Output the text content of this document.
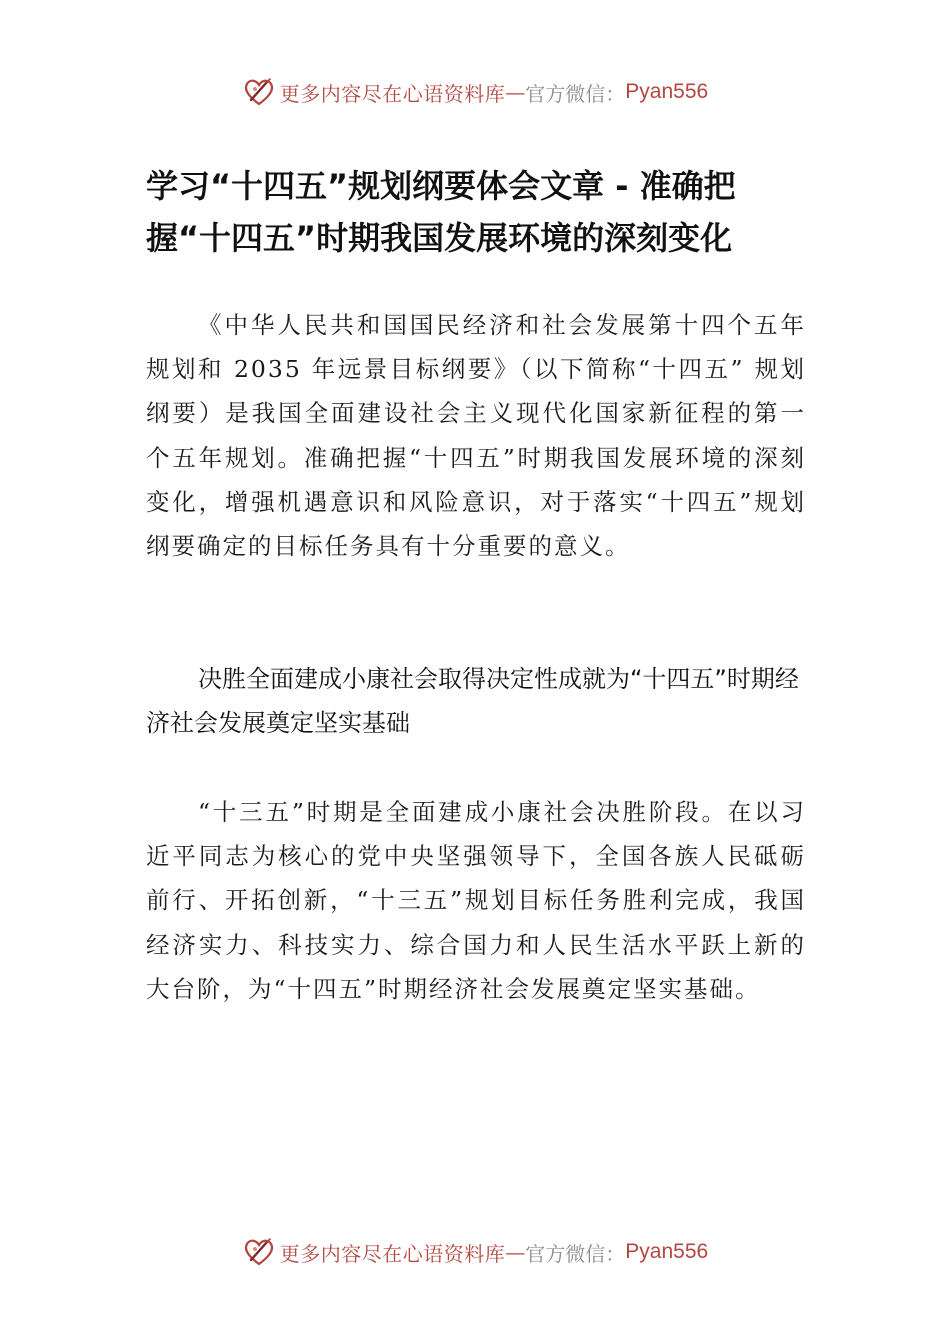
更多内容尽在心语资料库 — 官方微信： Pyan556
学习“十四五”规划纲要体会文章 - 准确把握“十四五”时期我国发展环境的深刻变化

《中华人民共和国国民经济和社会发展第十四个五年规划和 2035 年远景目标纲要》（以下简称“十四五” 规划纲要）是我国全面建设社会主义现代化国家新征程的第一个五年规划。准确把握“十四五”时期我国发展环境的深刻变化，增强机遇意识和风险意识，对于落实“十四五”规划纲要确定的目标任务具有十分重要的意义。

决胜全面建成小康社会取得决定性成就为“十四五”时期经济社会发展奠定坚实基础

“十三五”时期是全面建成小康社会决胜阶段。在以习近平同志为核心的党中央坚强领导下，全国各族人民砥砺前行、开拓创新，“十三五”规划目标任务胜利完成，我国经济实力、科技实力、综合国力和人民生活水平跃上新的大台阶，为“十四五”时期经济社会发展奠定坚实基础。

更多内容尽在心语资料库 — 官方微信： Pyan556
